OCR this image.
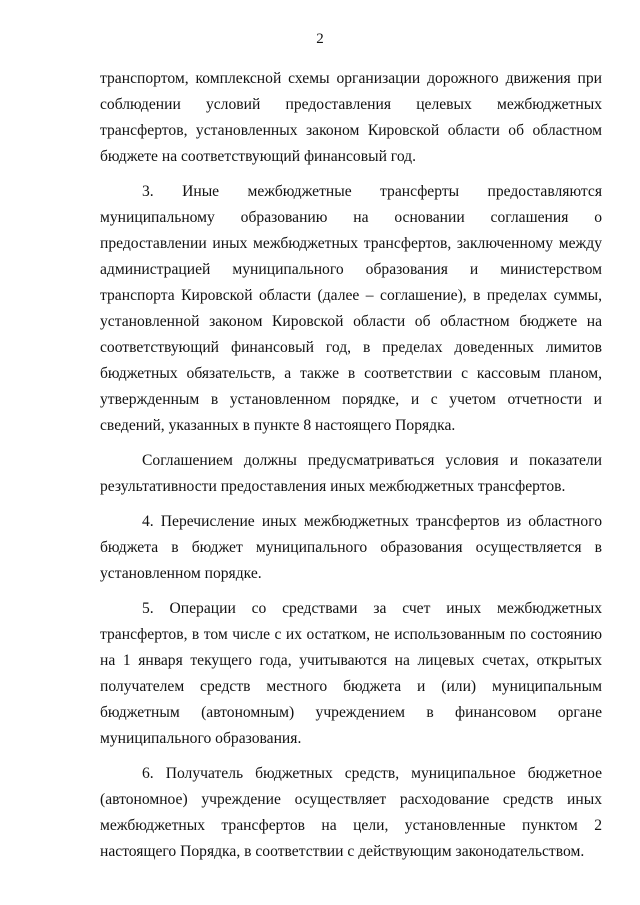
2

транспортом, комплексной схемы организации дорожного движения при соблюдении условий предоставления целевых межбюджетных трансфертов, установленных законом Кировской области об областном бюджете на соответствующий финансовый год.

3. Иные межбюджетные трансферты предоставляются муниципальному образованию на основании соглашения о предоставлении иных межбюджетных трансфертов, заключенному между администрацией муниципального образования и министерством транспорта Кировской области (далее – соглашение), в пределах суммы, установленной законом Кировской области об областном бюджете на соответствующий финансовый год, в пределах доведенных лимитов бюджетных обязательств, а также в соответствии с кассовым планом, утвержденным в установленном порядке, и с учетом отчетности и сведений, указанных в пункте 8 настоящего Порядка.

Соглашением должны предусматриваться условия и показатели результативности предоставления иных межбюджетных трансфертов.

4. Перечисление иных межбюджетных трансфертов из областного бюджета в бюджет муниципального образования осуществляется в установленном порядке.

5. Операции со средствами за счет иных межбюджетных трансфертов, в том числе с их остатком, не использованным по состоянию на 1 января текущего года, учитываются на лицевых счетах, открытых получателем средств местного бюджета и (или) муниципальным бюджетным (автономным) учреждением в финансовом органе муниципального образования.

6. Получатель бюджетных средств, муниципальное бюджетное (автономное) учреждение осуществляет расходование средств иных межбюджетных трансфертов на цели, установленные пунктом 2 настоящего Порядка, в соответствии с действующим законодательством.
